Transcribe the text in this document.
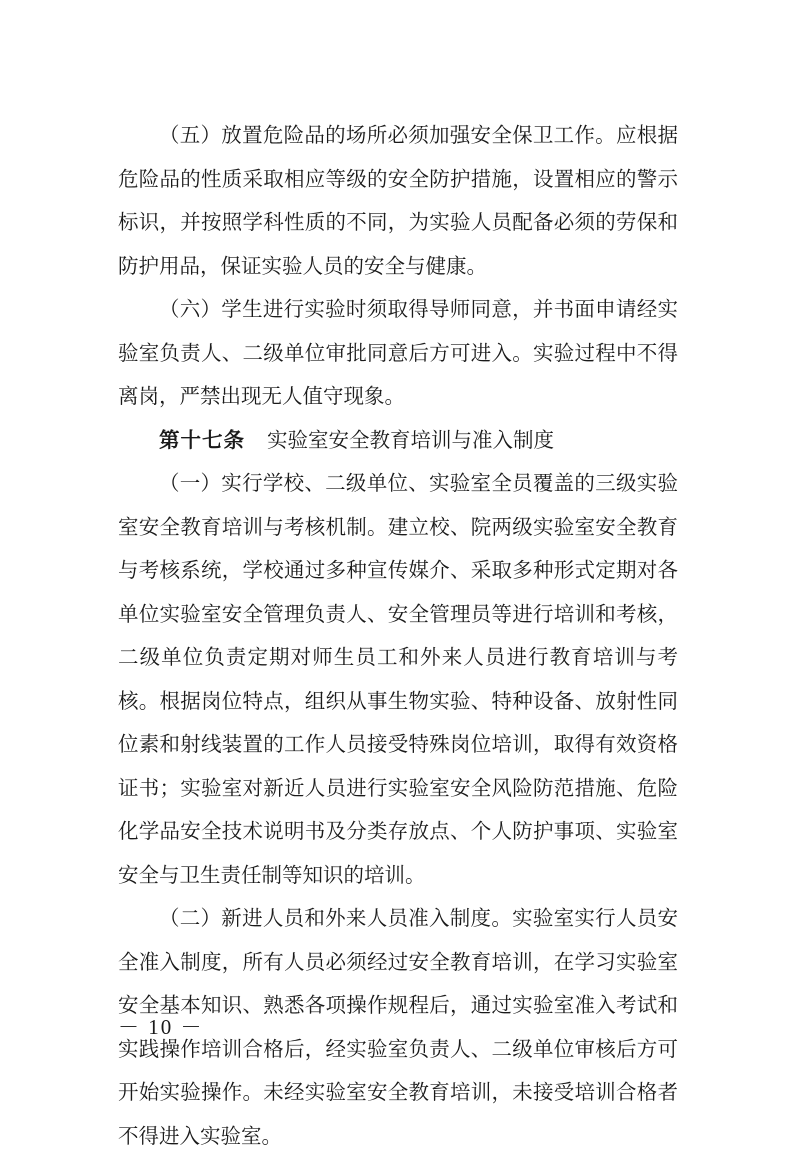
（五）放置危险品的场所必须加强安全保卫工作。应根据
危险品的性质采取相应等级的安全防护措施，设置相应的警示
标识，并按照学科性质的不同，为实验人员配备必须的劳保和
防护用品，保证实验人员的安全与健康。
（六）学生进行实验时须取得导师同意，并书面申请经实
验室负责人、二级单位审批同意后方可进入。实验过程中不得
离岗，严禁出现无人值守现象。
第十七条 实验室安全教育培训与准入制度
（一）实行学校、二级单位、实验室全员覆盖的三级实验
室安全教育培训与考核机制。建立校、院两级实验室安全教育
与考核系统，学校通过多种宣传媒介、采取多种形式定期对各
单位实验室安全管理负责人、安全管理员等进行培训和考核，
二级单位负责定期对师生员工和外来人员进行教育培训与考
核。根据岗位特点，组织从事生物实验、特种设备、放射性同
位素和射线装置的工作人员接受特殊岗位培训，取得有效资格
证书；实验室对新近人员进行实验室安全风险防范措施、危险
化学品安全技术说明书及分类存放点、个人防护事项、实验室
安全与卫生责任制等知识的培训。
（二）新进人员和外来人员准入制度。实验室实行人员安
全准入制度，所有人员必须经过安全教育培训，在学习实验室
安全基本知识、熟悉各项操作规程后，通过实验室准入考试和
实践操作培训合格后，经实验室负责人、二级单位审核后方可
开始实验操作。未经实验室安全教育培训，未接受培训合格者
不得进入实验室。
－ 10 －
